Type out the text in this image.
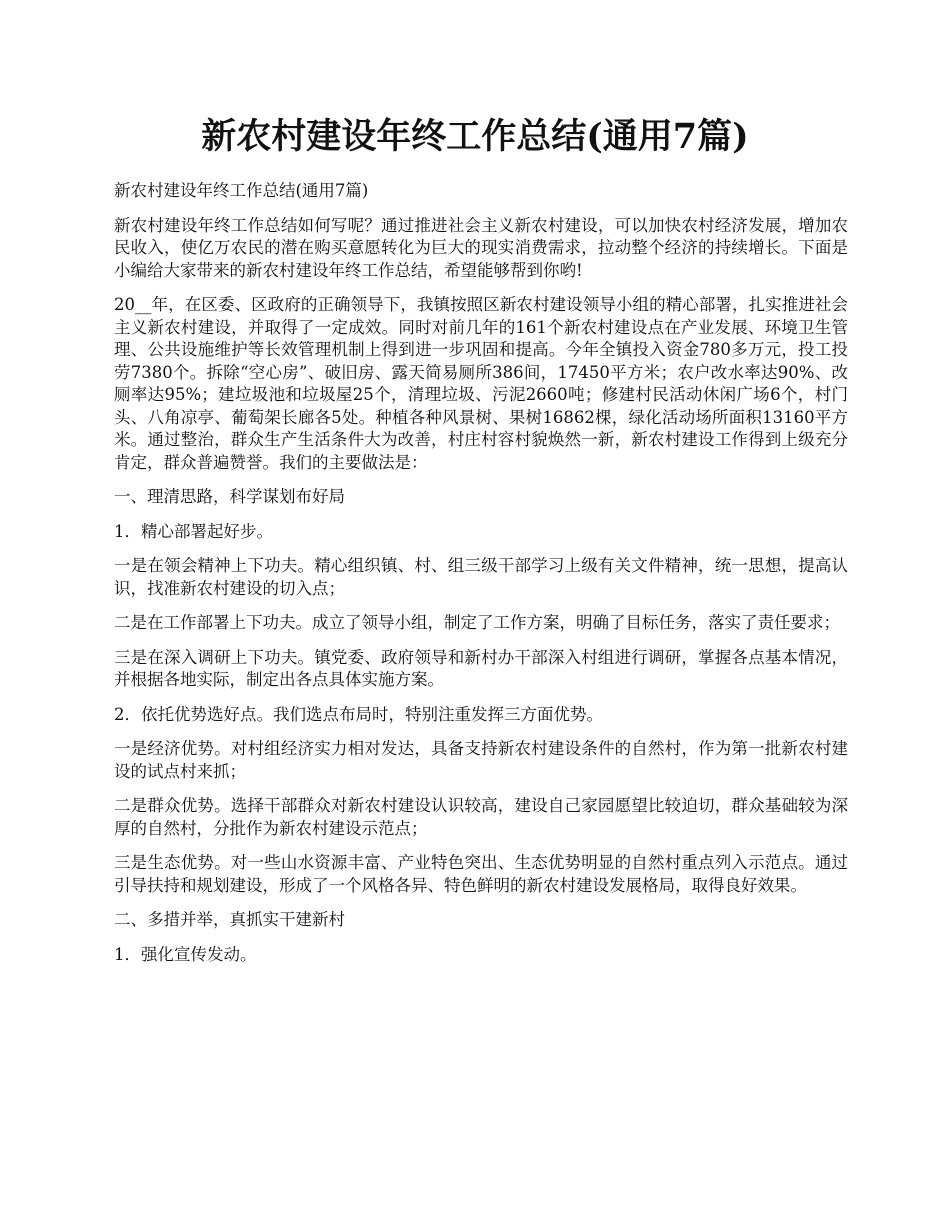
新农村建设年终工作总结(通用7篇)

新农村建设年终工作总结(通用7篇)

新农村建设年终工作总结如何写呢？通过推进社会主义新农村建设，可以加快农村经济发展，增加农民收入，使亿万农民的潜在购买意愿转化为巨大的现实消费需求，拉动整个经济的持续增长。下面是小编给大家带来的新农村建设年终工作总结，希望能够帮到你哟!

20__年，在区委、区政府的正确领导下，我镇按照区新农村建设领导小组的精心部署，扎实推进社会主义新农村建设，并取得了一定成效。同时对前几年的161个新农村建设点在产业发展、环境卫生管理、公共设施维护等长效管理机制上得到进一步巩固和提高。今年全镇投入资金780多万元，投工投劳7380个。拆除“空心房”、破旧房、露天简易厕所386间，17450平方米；农户改水率达90%、改厕率达95%；建垃圾池和垃圾屋25个，清理垃圾、污泥2660吨；修建村民活动休闲广场6个，村门头、八角凉亭、葡萄架长廊各5处。种植各种风景树、果树16862棵，绿化活动场所面积13160平方米。通过整治，群众生产生活条件大为改善，村庄村容村貌焕然一新，新农村建设工作得到上级充分肯定，群众普遍赞誉。我们的主要做法是：

一、理清思路，科学谋划布好局

1．精心部署起好步。

一是在领会精神上下功夫。精心组织镇、村、组三级干部学习上级有关文件精神，统一思想，提高认识，找准新农村建设的切入点；

二是在工作部署上下功夫。成立了领导小组，制定了工作方案，明确了目标任务，落实了责任要求；

三是在深入调研上下功夫。镇党委、政府领导和新村办干部深入村组进行调研，掌握各点基本情况，并根据各地实际，制定出各点具体实施方案。

2．依托优势选好点。我们选点布局时，特别注重发挥三方面优势。

一是经济优势。对村组经济实力相对发达，具备支持新农村建设条件的自然村，作为第一批新农村建设的试点村来抓；

二是群众优势。选择干部群众对新农村建设认识较高，建设自己家园愿望比较迫切，群众基础较为深厚的自然村，分批作为新农村建设示范点；

三是生态优势。对一些山水资源丰富、产业特色突出、生态优势明显的自然村重点列入示范点。通过引导扶持和规划建设，形成了一个风格各异、特色鲜明的新农村建设发展格局，取得良好效果。

二、多措并举，真抓实干建新村

1．强化宣传发动。
